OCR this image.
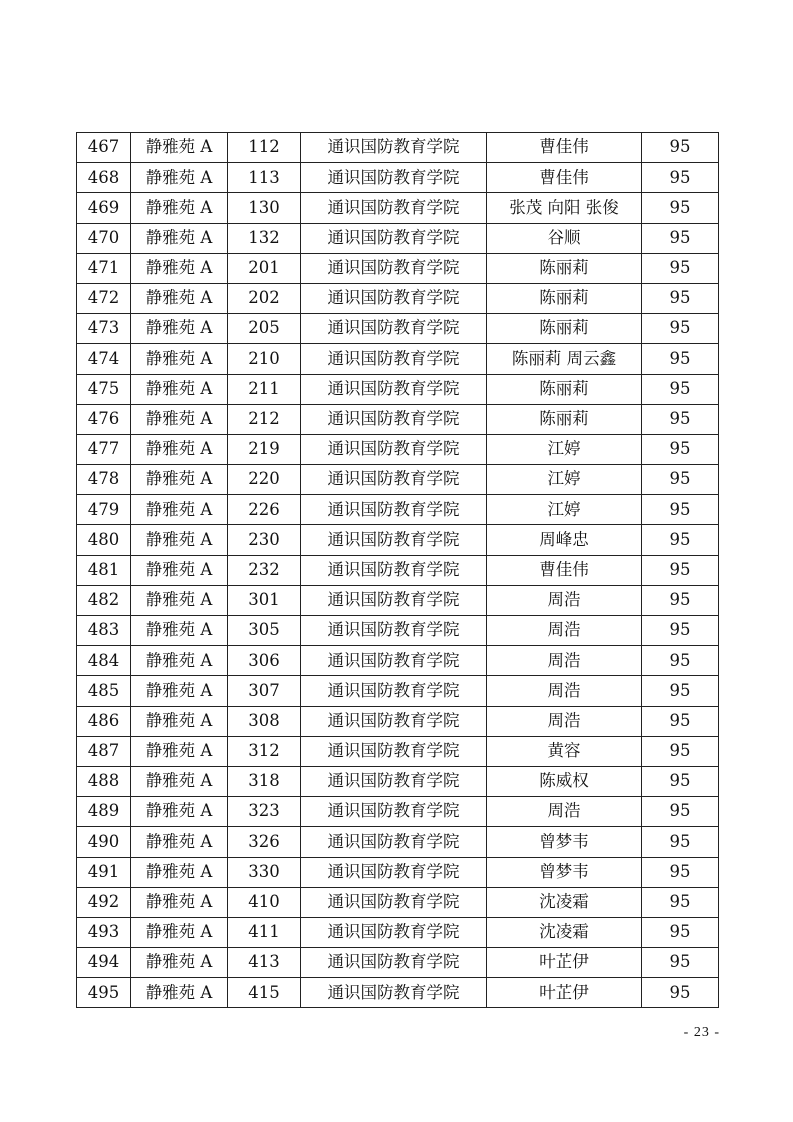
467	静雅苑 A	112	通识国防教育学院	曹佳伟	95
468	静雅苑 A	113	通识国防教育学院	曹佳伟	95
469	静雅苑 A	130	通识国防教育学院	张茂 向阳 张俊	95
470	静雅苑 A	132	通识国防教育学院	谷顺	95
471	静雅苑 A	201	通识国防教育学院	陈丽莉	95
472	静雅苑 A	202	通识国防教育学院	陈丽莉	95
473	静雅苑 A	205	通识国防教育学院	陈丽莉	95
474	静雅苑 A	210	通识国防教育学院	陈丽莉 周云鑫	95
475	静雅苑 A	211	通识国防教育学院	陈丽莉	95
476	静雅苑 A	212	通识国防教育学院	陈丽莉	95
477	静雅苑 A	219	通识国防教育学院	江婷	95
478	静雅苑 A	220	通识国防教育学院	江婷	95
479	静雅苑 A	226	通识国防教育学院	江婷	95
480	静雅苑 A	230	通识国防教育学院	周峰忠	95
481	静雅苑 A	232	通识国防教育学院	曹佳伟	95
482	静雅苑 A	301	通识国防教育学院	周浩	95
483	静雅苑 A	305	通识国防教育学院	周浩	95
484	静雅苑 A	306	通识国防教育学院	周浩	95
485	静雅苑 A	307	通识国防教育学院	周浩	95
486	静雅苑 A	308	通识国防教育学院	周浩	95
487	静雅苑 A	312	通识国防教育学院	黄容	95
488	静雅苑 A	318	通识国防教育学院	陈威权	95
489	静雅苑 A	323	通识国防教育学院	周浩	95
490	静雅苑 A	326	通识国防教育学院	曾梦韦	95
491	静雅苑 A	330	通识国防教育学院	曾梦韦	95
492	静雅苑 A	410	通识国防教育学院	沈凌霜	95
493	静雅苑 A	411	通识国防教育学院	沈凌霜	95
494	静雅苑 A	413	通识国防教育学院	叶芷伊	95
495	静雅苑 A	415	通识国防教育学院	叶芷伊	95
- 23 -
